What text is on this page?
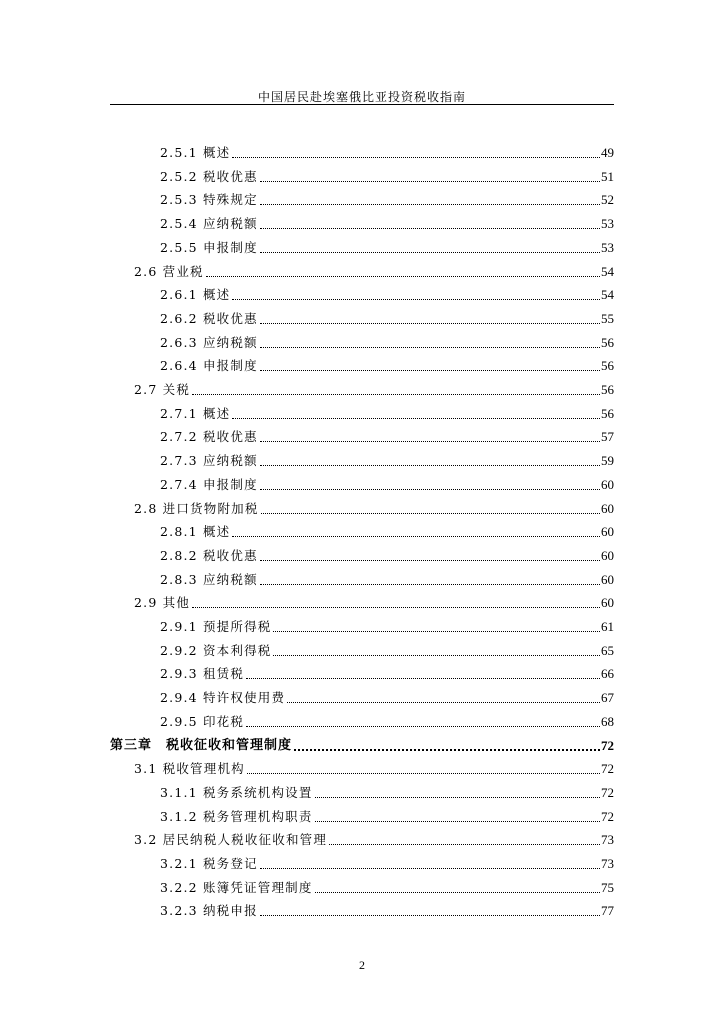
中国居民赴埃塞俄比亚投资税收指南
2.5.1 概述	49
2.5.2 税收优惠	51
2.5.3 特殊规定	52
2.5.4 应纳税额	53
2.5.5 申报制度	53
2.6 营业税	54
2.6.1 概述	54
2.6.2 税收优惠	55
2.6.3 应纳税额	56
2.6.4 申报制度	56
2.7 关税	56
2.7.1 概述	56
2.7.2 税收优惠	57
2.7.3 应纳税额	59
2.7.4 申报制度	60
2.8 进口货物附加税	60
2.8.1 概述	60
2.8.2 税收优惠	60
2.8.3 应纳税额	60
2.9 其他	60
2.9.1 预提所得税	61
2.9.2 资本利得税	65
2.9.3 租赁税	66
2.9.4 特许权使用费	67
2.9.5 印花税	68
第三章　税收征收和管理制度	72
3.1 税收管理机构	72
3.1.1 税务系统机构设置	72
3.1.2 税务管理机构职责	72
3.2 居民纳税人税收征收和管理	73
3.2.1 税务登记	73
3.2.2 账簿凭证管理制度	75
3.2.3 纳税申报	77
2
